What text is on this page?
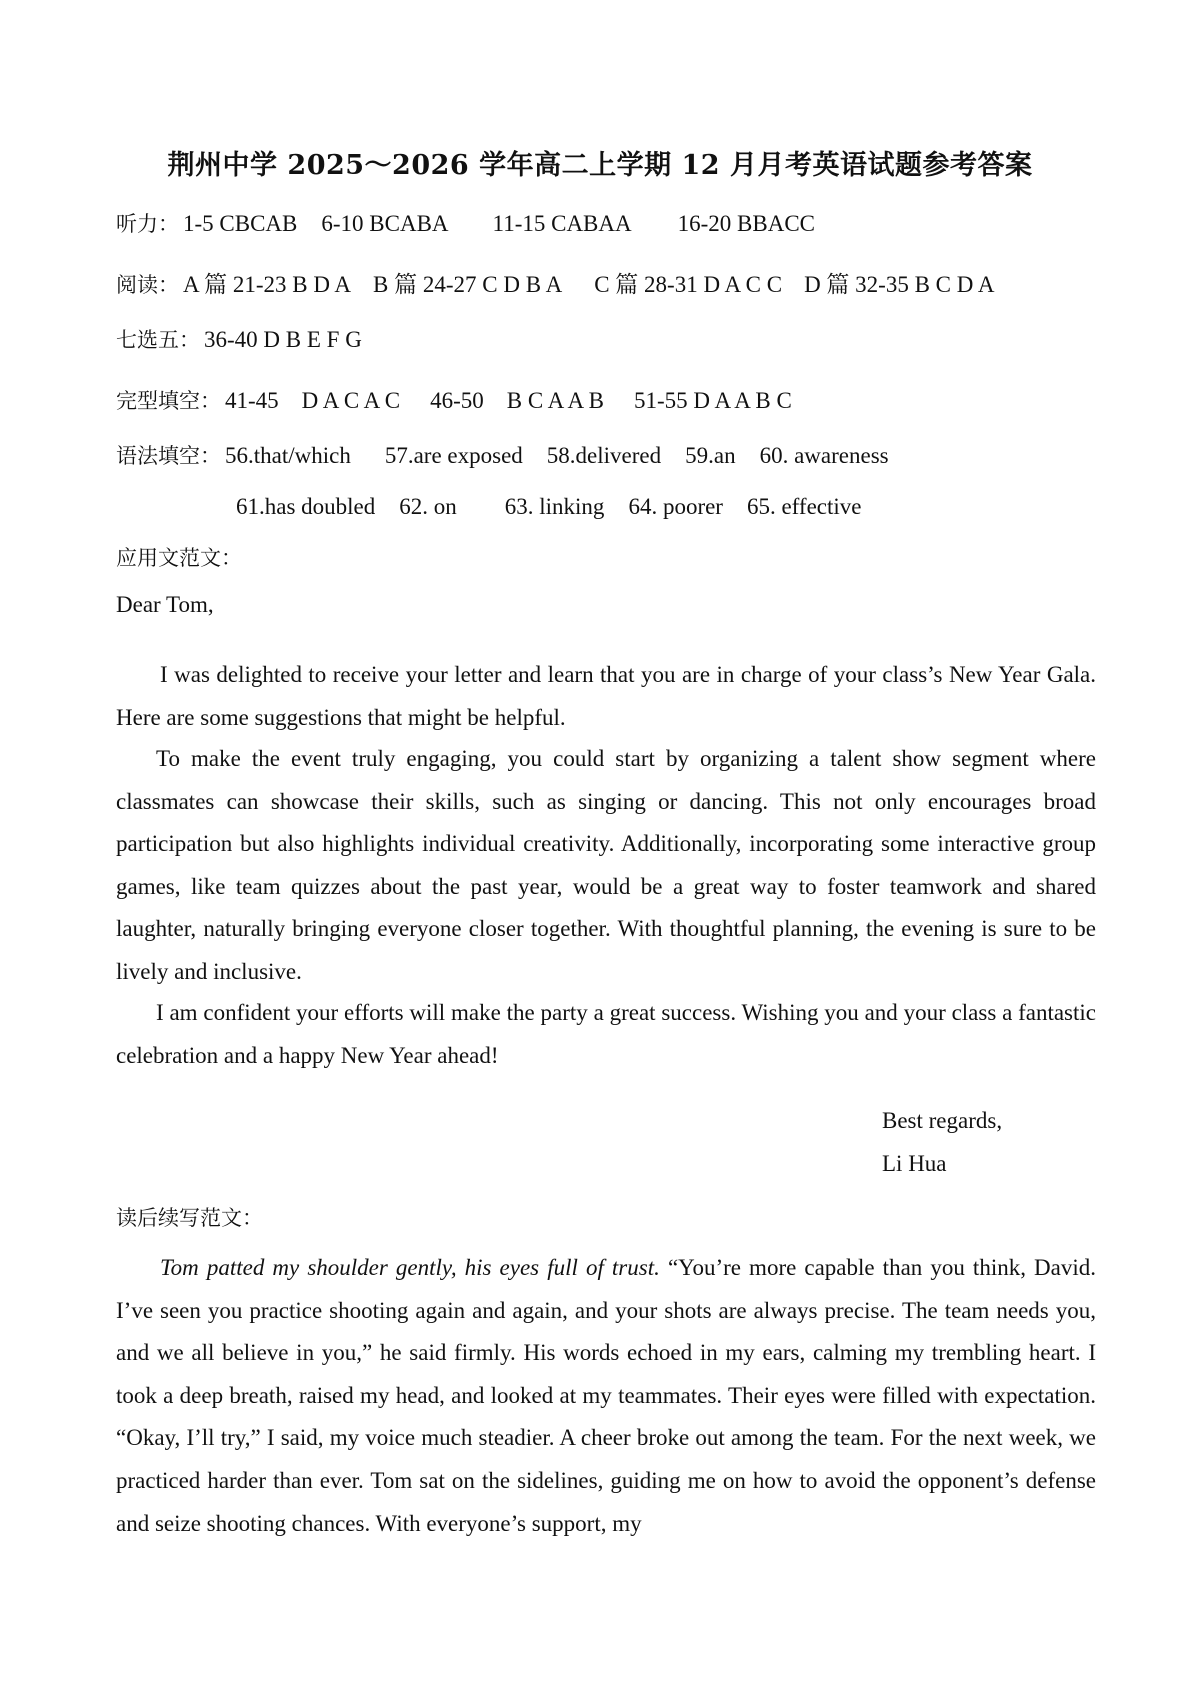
荆州中学 2025～2026 学年高二上学期 12 月月考英语试题参考答案
听力： 1-5 CBCAB 6-10 BCABA 11-15 CABAA 16-20 BBACC
阅读： A 篇 21-23 B D A B 篇 24-27 C D B A C 篇 28-31 D A C C D 篇 32-35 B C D A
七选五： 36-40 D B E F G
完型填空： 41-45　D A C A C 46-50　B C A A B 51-55 D A A B C
语法填空： 56.that/which 57.are exposed 58.delivered 59.an 60. awareness
61.has doubled 62. on 63. linking 64. poorer 65. effective
应用文范文：
Dear Tom,
I was delighted to receive your letter and learn that you are in charge of your class’s New Year Gala. Here are some suggestions that might be helpful.
To make the event truly engaging, you could start by organizing a talent show segment where classmates can showcase their skills, such as singing or dancing. This not only encourages broad participation but also highlights individual creativity. Additionally, incorporating some interactive group games, like team quizzes about the past year, would be a great way to foster teamwork and shared laughter, naturally bringing everyone closer together. With thoughtful planning, the evening is sure to be lively and inclusive.
I am confident your efforts will make the party a great success. Wishing you and your class a fantastic celebration and a happy New Year ahead!
Best regards,
Li Hua
读后续写范文：
Tom patted my shoulder gently, his eyes full of trust. “You’re more capable than you think, David. I’ve seen you practice shooting again and again, and your shots are always precise. The team needs you, and we all believe in you,” he said firmly. His words echoed in my ears, calming my trembling heart. I took a deep breath, raised my head, and looked at my teammates. Their eyes were filled with expectation. “Okay, I’ll try,” I said, my voice much steadier. A cheer broke out among the team. For the next week, we practiced harder than ever. Tom sat on the sidelines, guiding me on how to avoid the opponent’s defense and seize shooting chances. With everyone’s support, my
